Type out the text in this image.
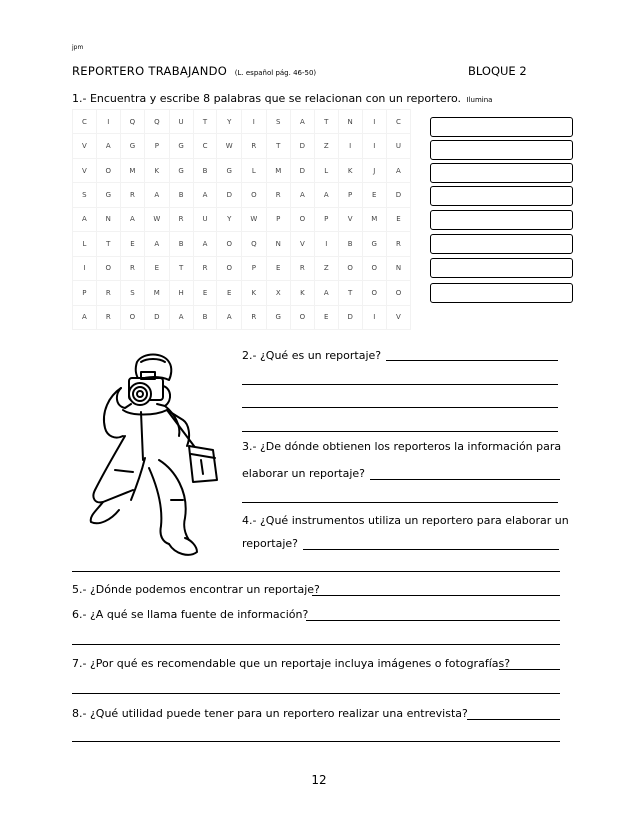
jpm
REPORTERO TRABAJANDO (L. español pág. 46-50)	BLOQUE 2
1.- Encuentra y escribe 8 palabras que se relacionan con un reportero. Ilumina
C	I	Q	Q	U	T	Y	I	S	A	T	N	I	C
V	A	G	P	G	C	W	R	T	D	Z	I	I	U
V	O	M	K	G	B	G	L	M	D	L	K	J	A
S	G	R	A	B	A	D	O	R	A	A	P	E	D
A	N	A	W	R	U	Y	W	P	O	P	V	M	E
L	T	E	A	B	A	O	Q	N	V	I	B	G	R
I	O	R	E	T	R	O	P	E	R	Z	O	O	N
P	R	S	M	H	E	E	K	X	K	A	T	O	O
A	R	O	D	A	B	A	R	G	O	E	D	I	V
2.- ¿Qué es un reportaje?
3.- ¿De dónde obtienen los reporteros la información para
elaborar un reportaje?
4.- ¿Qué instrumentos utiliza un reportero para elaborar un
reportaje?
5.- ¿Dónde podemos encontrar un reportaje?
6.- ¿A qué se llama fuente de información?
7.- ¿Por qué es recomendable que un reportaje incluya imágenes o fotografías?
8.- ¿Qué utilidad puede tener para un reportero realizar una entrevista?
12
